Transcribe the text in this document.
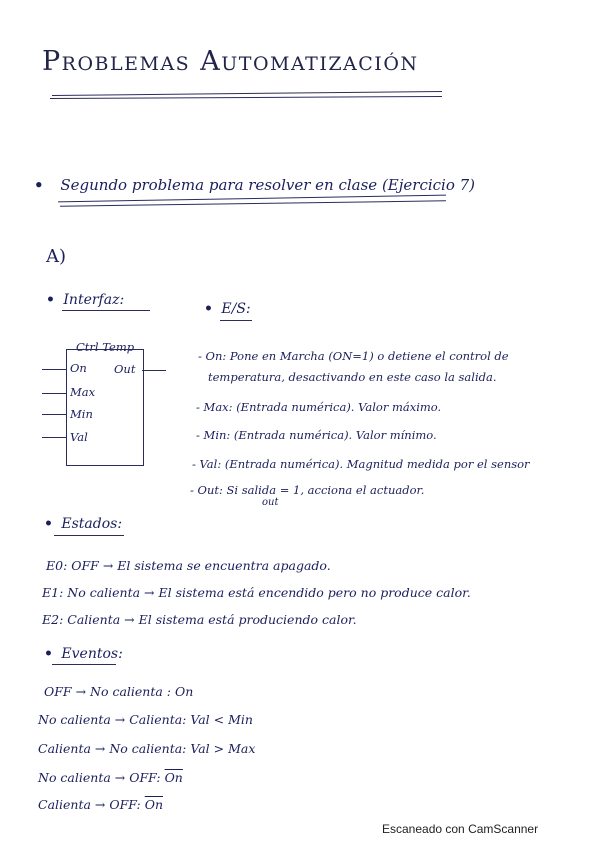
Problemas Automatización
• Segundo problema para resolver en clase (Ejercicio 7)
A)
• Interfaz:
Ctrl Temp
On
Max
Min
Val
Out
• E/S:
- On: Pone en Marcha (ON=1) o detiene el control de
temperatura, desactivando en este caso la salida.
- Max: (Entrada numérica). Valor máximo.
- Min: (Entrada numérica). Valor mínimo.
- Val: (Entrada numérica). Magnitud medida por el sensor
- Out: Si salida = 1, acciona el actuador.
out
• Estados:
E0: OFF → El sistema se encuentra apagado.
E1: No calienta → El sistema está encendido pero no produce calor.
E2: Calienta → El sistema está produciendo calor.
• Eventos:
OFF → No calienta : On
No calienta → Calienta: Val < Min
Calienta → No calienta: Val > Max
No calienta → OFF: $\overline{On}$
Calienta → OFF: $\overline{On}$
Escaneado con CamScanner
